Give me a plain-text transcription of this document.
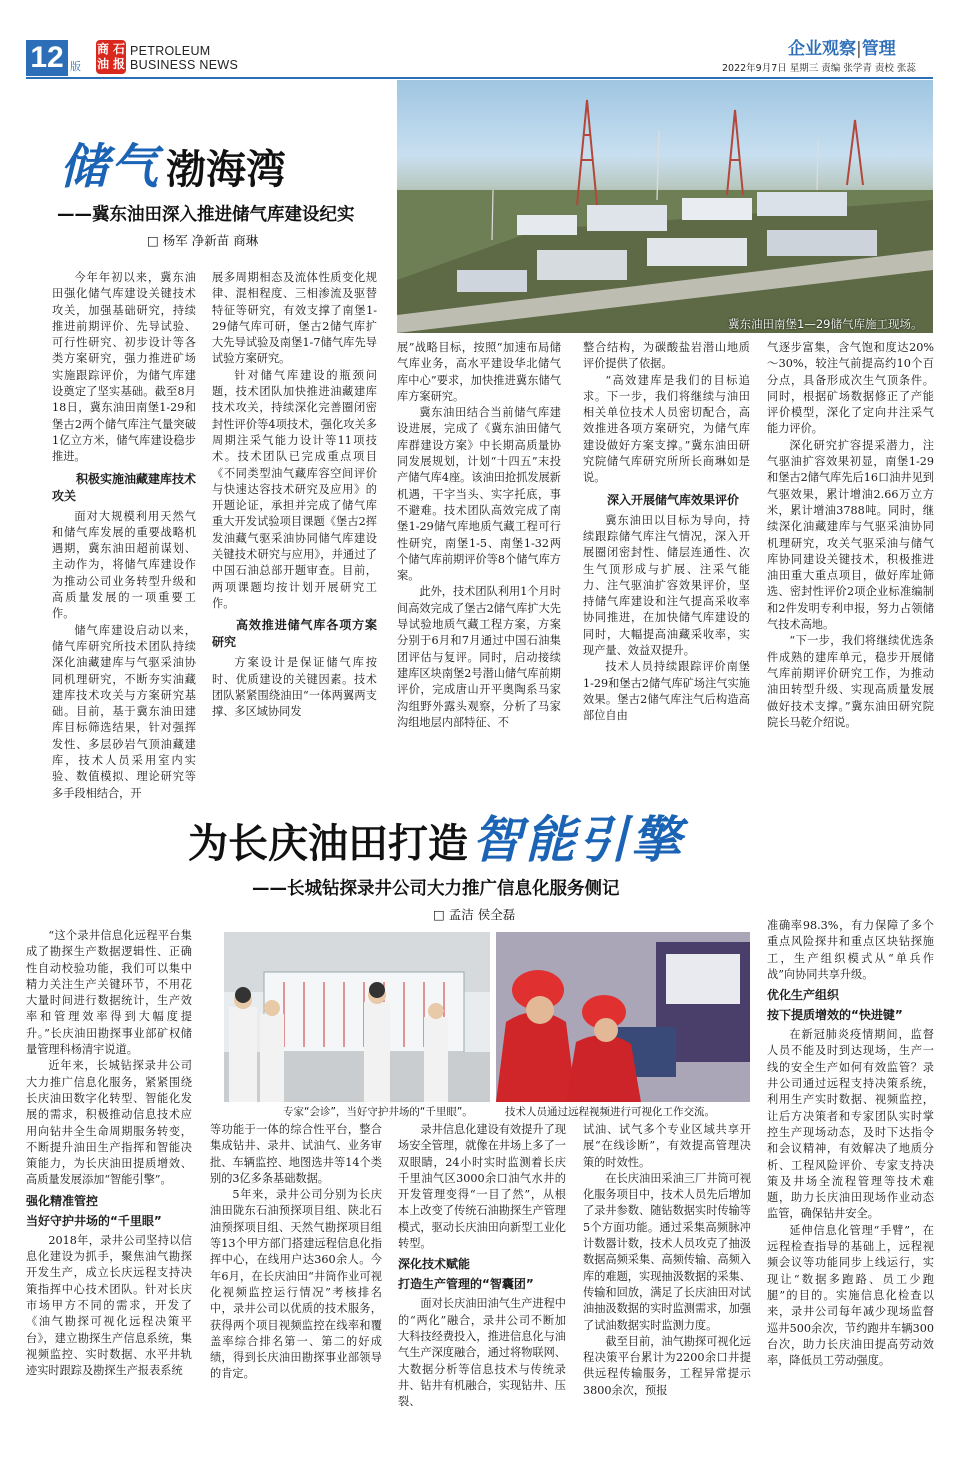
12 版
商 石
油 报
PETROLEUM
BUSINESS NEWS
企业观察|管理
2022年9月7日 星期三 责编 张学青 责校 张蕊
冀东油田南堡1—29储气库施工现场。
储气 渤海湾
——冀东油田深入推进储气库建设纪实
□ 杨军 净新苗 商琳

今年年初以来，冀东油田强化储气库建设关键技术攻关，加强基础研究，持续推进前期评价、先导试验、可行性研究、初步设计等各类方案研究，强力推进矿场实施跟踪评价，为储气库建设奠定了坚实基础。截至8月18日，冀东油田南堡1-29和堡古2两个储气库注气量突破1亿立方米，储气库建设稳步推进。

积极实施油藏建库技术攻关

面对大规模利用天然气和储气库发展的重要战略机遇期，冀东油田超前谋划、主动作为，将储气库建设作为推动公司业务转型升级和高质量发展的一项重要工作。

储气库建设启动以来，储气库研究所技术团队持续深化油藏建库与气驱采油协同机理研究，不断夯实油藏建库技术攻关与方案研究基础。目前，基于冀东油田建库目标筛选结果，针对强挥发性、多层砂岩气顶油藏建库，技术人员采用室内实验、数值模拟、理论研究等多手段相结合，开

展多周期相态及流体性质变化规律、混相程度、三相渗流及驱替特征等研究，有效支撑了南堡1-29储气库可研，堡古2储气库扩大先导试验及南堡1-7储气库先导试验方案研究。

针对储气库建设的瓶颈问题，技术团队加快推进油藏建库技术攻关，持续深化完善圈闭密封性评价等4项技术，强化攻关多周期注采气能力设计等11项技术。技术团队已完成重点项目《不同类型油气藏库容空间评价与快速达容技术研究及应用》的开题论证，承担并完成了储气库重大开发试验项目课题《堡古2挥发油藏气驱采油协同储气库建设关键技术研究与应用》，并通过了中国石油总部开题审查。目前，两项课题均按计划开展研究工作。

高效推进储气库各项方案研究

方案设计是保证储气库按时、优质建设的关键因素。技术团队紧紧围绕油田“一体两翼两支撑、多区域协同发

展”战略目标，按照“加速布局储气库业务，高水平建设华北储气库中心”要求，加快推进冀东储气库方案研究。

冀东油田结合当前储气库建设进展，完成了《冀东油田储气库群建设方案》中长期高质量协同发展规划，计划“十四五”末投产储气库4座。该油田抢抓发展新机遇，干字当头、实字托底，事不避难。技术团队高效完成了南堡1-29储气库地质气藏工程可行性研究，南堡1-5、南堡1-32两个储气库前期评价等8个储气库方案。

此外，技术团队利用1个月时间高效完成了堡古2储气库扩大先导试验地质气藏工程方案，方案分别于6月和7月通过中国石油集团评估与复评。同时，启动接续建库区块南堡2号潜山储气库前期评价，完成唐山开平奥陶系马家沟组野外露头观察，分析了马家沟组地层内部特征、不

整合结构，为碳酸盐岩潜山地质评价提供了依据。

“高效建库是我们的目标追求。下一步，我们将继续与油田相关单位技术人员密切配合，高效推进各项方案研究，为储气库建设做好方案支撑。”冀东油田研究院储气库研究所所长商琳如是说。

深入开展储气库效果评价

冀东油田以目标为导向，持续跟踪储气库注气情况，深入开展圈闭密封性、储层连通性、次生气顶形成与扩展、注采气能力、注气驱油扩容效果评价，坚持储气库建设和注气提高采收率协同推进，在加快储气库建设的同时，大幅提高油藏采收率，实现产量、效益双提升。

技术人员持续跟踪评价南堡1-29和堡古2储气库矿场注气实施效果。堡古2储气库注气后构造高部位自由

气逐步富集，含气饱和度达20%～30%，较注气前提高约10个百分点，具备形成次生气顶条件。同时，根据矿场数据修正了产能评价模型，深化了定向井注采气能力评价。

深化研究扩容提采潜力，注气驱油扩容效果初显，南堡1-29和堡古2储气库先后16口油井见到气驱效果，累计增油2.66万立方米，累计增油3788吨。同时，继续深化油藏建库与气驱采油协同机理研究，攻关气驱采油与储气库协同建设关键技术，积极推进油田重大重点项目，做好库址筛选、密封性评价2项企业标准编制和2件发明专利申报，努力占领储气技术高地。

“下一步，我们将继续优选条件成熟的建库单元，稳步开展储气库前期评价研究工作，为推动油田转型升级、实现高质量发展做好技术支撑。”冀东油田研究院院长马乾介绍说。

为长庆油田打造智能引擎
——长城钻探录井公司大力推广信息化服务侧记
□ 孟洁 侯全磊
专家“会诊”，当好守护井场的“千里眼”。	技术人员通过远程视频进行可视化工作交流。

“这个录井信息化远程平台集成了勘探生产数据逻辑性、正确性自动校验功能，我们可以集中精力关注生产关键环节，不用花大量时间进行数据统计，生产效率和管理效率得到大幅度提升。”长庆油田勘探事业部矿权储量管理科杨清宇说道。

近年来，长城钻探录井公司大力推广信息化服务，紧紧围绕长庆油田数字化转型、智能化发展的需求，积极推动信息技术应用向钻井全生命周期服务转变，不断提升油田生产指挥和智能决策能力，为长庆油田提质增效、高质量发展添加“智能引擎”。

强化精准管控
当好守护井场的“千里眼”

2018年，录井公司坚持以信息化建设为抓手，聚焦油气勘探开发生产，成立长庆远程支持决策指挥中心技术团队。针对长庆市场甲方不同的需求，开发了《油气勘探可视化远程决策平台》，建立勘探生产信息系统，集视频监控、实时数据、水平井轨迹实时跟踪及勘探生产报表系统

等功能于一体的综合性平台，整合集成钻井、录井、试油气、业务审批、车辆监控、地图选井等14个类别的3亿多条基础数据。

5年来，录井公司分别为长庆油田陇东石油预探项目组、陕北石油预探项目组、天然气勘探项目组等13个甲方部门搭建远程信息化指挥中心，在线用户达360余人。今年6月，在长庆油田“井筒作业可视化视频监控运行情况”考核排名中，录井公司以优质的技术服务，获得两个项目视频监控在线率和覆盖率综合排名第一、第二的好成绩，得到长庆油田勘探事业部领导的肯定。

录井信息化建设有效提升了现场安全管理，就像在井场上多了一双眼睛，24小时实时监测着长庆千里油气区3000余口油气水井的开发管理变得“一目了然”，从根本上改变了传统石油勘探生产管理模式，驱动长庆油田向新型工业化转型。

深化技术赋能
打造生产管理的“智囊团”

面对长庆油田油气生产进程中的“两化”融合，录井公司不断加大科技经费投入，推进信息化与油气生产深度融合，通过将物联网、大数据分析等信息技术与传统录井、钻井有机融合，实现钻井、压裂、

试油、试气多个专业区域共享开展“在线诊断”，有效提高管理决策的时效性。

在长庆油田采油三厂井筒可视化服务项目中，技术人员先后增加了录井参数、随钻数据实时传输等5个方面功能。通过采集高频脉冲计数器计数，技术人员攻克了抽汲数据高频采集、高频传输、高频入库的难题，实现抽汲数据的采集、传输和回放，满足了长庆油田对试油抽汲数据的实时监测需求，加强了试油数据实时监测力度。

截至目前，油气勘探可视化远程决策平台累计为2200余口井提供远程传输服务，工程异常提示3800余次，预报

准确率98.3%，有力保障了多个重点风险探井和重点区块钻探施工，生产组织模式从“单兵作战”向协同共享升级。

优化生产组织
按下提质增效的“快进键”

在新冠肺炎疫情期间，监督人员不能及时到达现场，生产一线的安全生产如何有效监管？录井公司通过远程支持决策系统，利用生产实时数据、视频监控，让后方决策者和专家团队实时掌控生产现场动态，及时下达指令和会议精神，有效解决了地质分析、工程风险评价、专家支持决策及井场全流程管理等技术难题，助力长庆油田现场作业动态监管，确保钻井安全。

延伸信息化管理“手臂”，在远程检查指导的基础上，远程视频会议等功能同步上线运行，实现让“数据多跑路、员工少跑腿”的目的。实施信息化检查以来，录井公司每年减少现场监督巡井500余次，节约跑井车辆300台次，助力长庆油田提高劳动效率，降低员工劳动强度。
